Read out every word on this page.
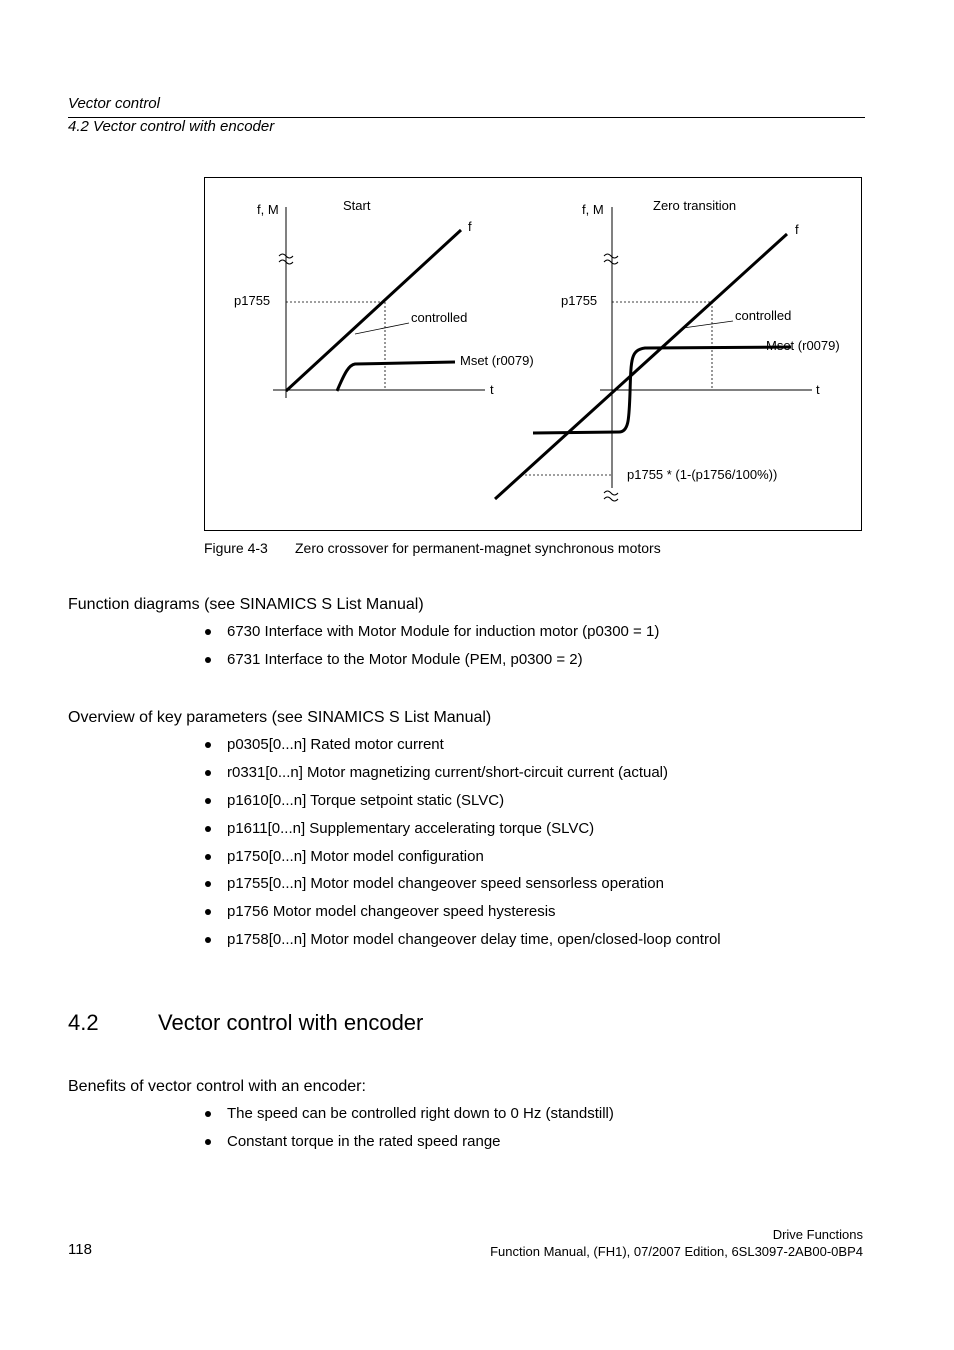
Vector control
4.2 Vector control with encoder
f, M	Start
f
p1755
controlled
Mset (r0079)
t
f, M	Zero transition
f
p1755
controlled
Mset (r0079)
t
p1755 * (1-(p1756/100%))
Figure 4-3 Zero crossover for permanent-magnet synchronous motors
Function diagrams (see SINAMICS S List Manual)
6730 Interface with Motor Module for induction motor (p0300 = 1)
6731 Interface to the Motor Module (PEM, p0300 = 2)
Overview of key parameters (see SINAMICS S List Manual)
p0305[0...n] Rated motor current
r0331[0...n] Motor magnetizing current/short-circuit current (actual)
p1610[0...n] Torque setpoint static (SLVC)
p1611[0...n] Supplementary accelerating torque (SLVC)
p1750[0...n] Motor model configuration
p1755[0...n] Motor model changeover speed sensorless operation
p1756 Motor model changeover speed hysteresis
p1758[0...n] Motor model changeover delay time, open/closed-loop control
4.2	Vector control with encoder
Benefits of vector control with an encoder:
The speed can be controlled right down to 0 Hz (standstill)
Constant torque in the rated speed range
118
Drive Functions
Function Manual, (FH1), 07/2007 Edition, 6SL3097-2AB00-0BP4
